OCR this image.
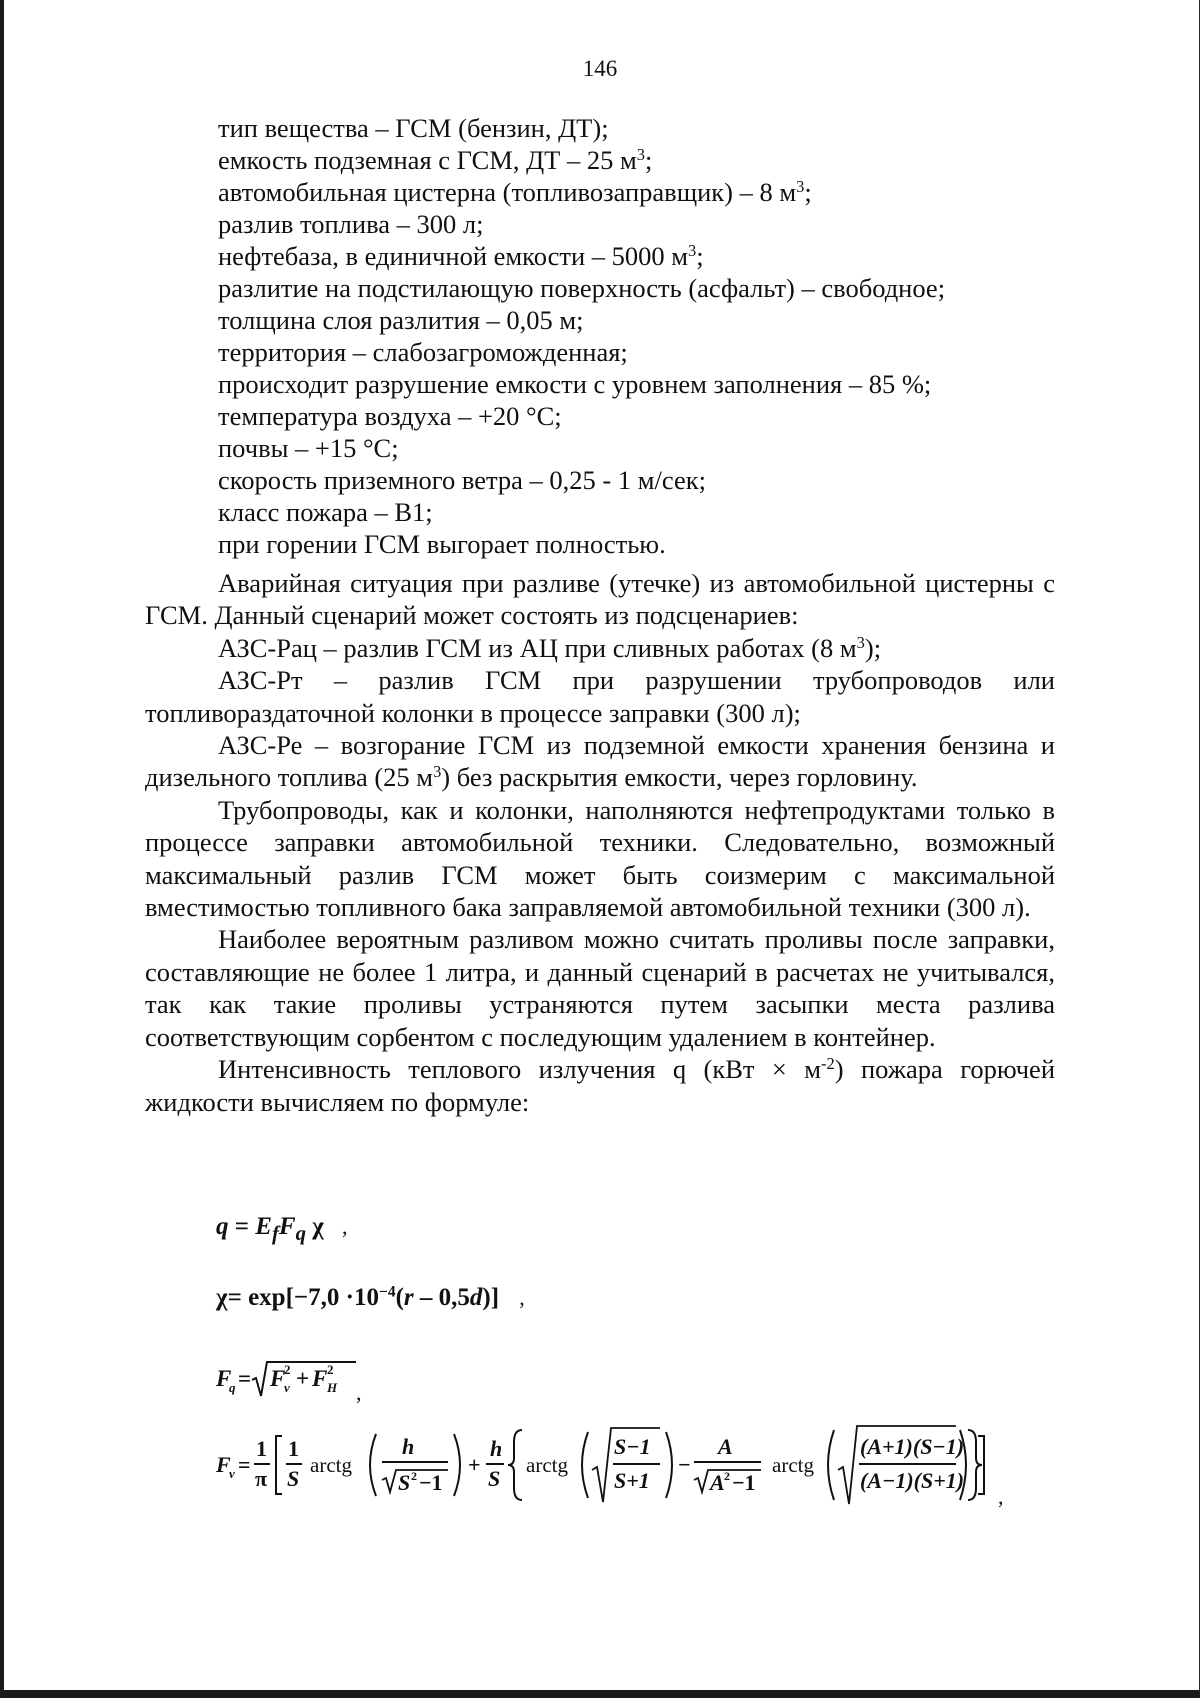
146
тип вещества – ГСМ (бензин, ДТ);
емкость подземная с ГСМ, ДТ – 25 $м^3$;
автомобильная цистерна (топливозаправщик) – 8 $м^3$;
разлив топлива – 300 л;
нефтебаза, в единичной емкости – 5000 $м^3$;
разлитие на подстилающую поверхность (асфальт) – свободное;
толщина слоя разлития – 0,05 м;
территория – слабозагроможденная;
происходит разрушение емкости с уровнем заполнения – 85 %;
температура воздуха – +20 °С;
почвы – +15 °С;
скорость приземного ветра – 0,25 - 1 м/сек;
класс пожара – В1;
при горении ГСМ выгорает полностью.

Аварийная ситуация при разливе (утечке) из автомобильной цистерны с ГСМ. Данный сценарий может состоять из подсценариев:

АЗС-Рац – разлив ГСМ из АЦ при сливных работах (8 $м^3$);

АЗС-Рт – разлив ГСМ при разрушении трубопроводов или топливораздаточной колонки в процессе заправки (300 л);

АЗС-Ре – возгорание ГСМ из подземной емкости хранения бензина и дизельного топлива (25 $м^3$) без раскрытия емкости, через горловину.

Трубопроводы, как и колонки, наполняются нефтепродуктами только в процессе заправки автомобильной техники. Следовательно, возможный максимальный разлив ГСМ может быть соизмерим с максимальной вместимостью топливного бака заправляемой автомобильной техники (300 л).

Наиболее вероятным разливом можно считать проливы после заправки, составляющие не более 1 литра, и данный сценарий в расчетах не учитывался, так как такие проливы устраняются путем засыпки места разлива соответствующим сорбентом с последующим удалением в контейнер.

Интенсивность теплового излучения q $(кВт \times м^{-2})$ пожара горючей жидкости вычисляем по формуле:

$q = E_fF_q$ χ ,
$\chi= \exp[-7,0 \cdot 10^{-4}(r - 0,5d)]$ ,
F
q = F
2
v + F 2
H ,
F
v =
1
π
1
S
arctg
h
S 2 −1
+
h
S
arctg
S−1
S+1
−
A
A 2 −1
arctg
(A+1)(S−1)
(A−1)(S+1)
,
